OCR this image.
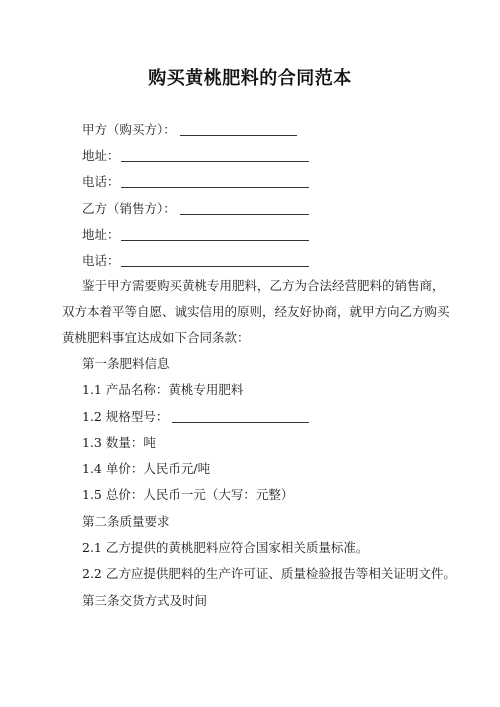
购买黄桃肥料的合同范本
甲方（购买方）：
地址：
电话：
乙方（销售方）：
地址：
电话：

鉴于甲方需要购买黄桃专用肥料，乙方为合法经营肥料的销售商，双方本着平等自愿、诚实信用的原则，经友好协商，就甲方向乙方购买黄桃肥料事宜达成如下合同条款：

第一条肥料信息
1.1 产品名称：黄桃专用肥料
1.2 规格型号：
1.3 数量：吨
1.4 单价：人民币元/吨
1.5 总价：人民币一元（大写：元整）
第二条质量要求
2.1 乙方提供的黄桃肥料应符合国家相关质量标准。
2.2 乙方应提供肥料的生产许可证、质量检验报告等相关证明文件。
第三条交货方式及时间
